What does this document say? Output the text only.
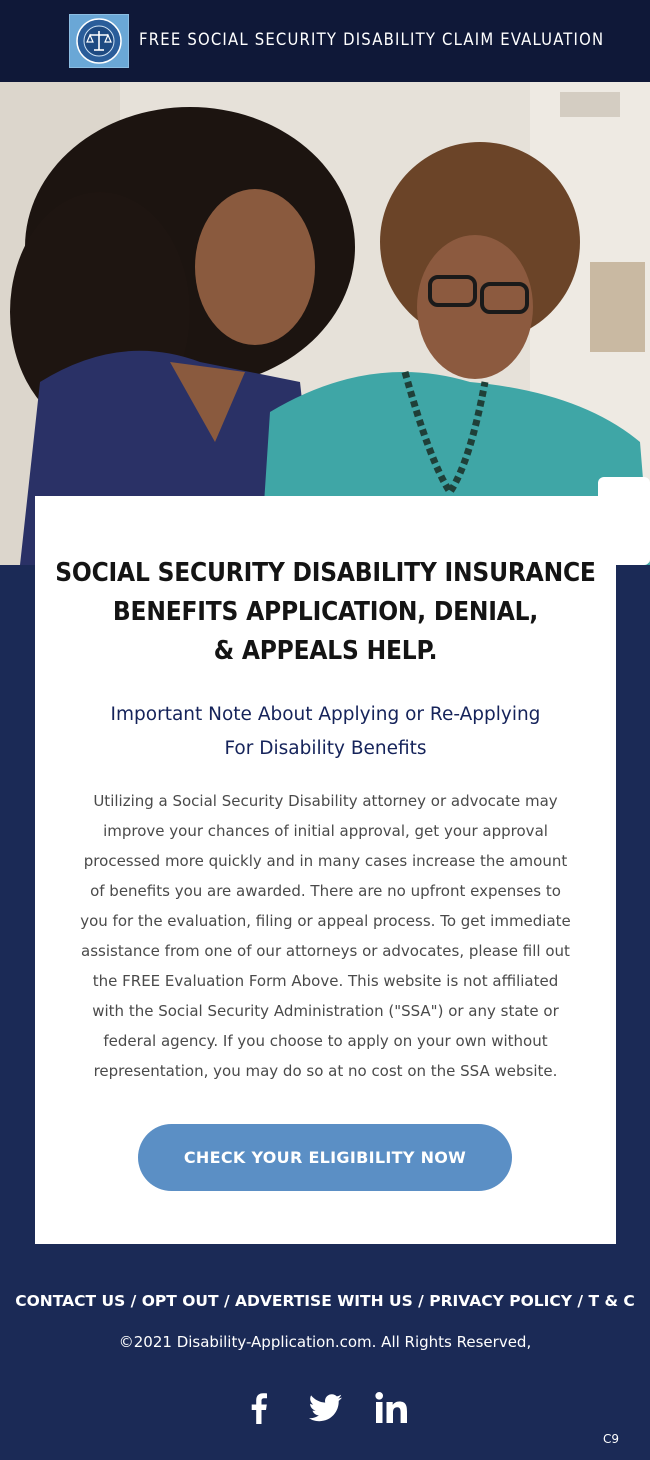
FREE SOCIAL SECURITY DISABILITY CLAIM EVALUATION
SOCIAL SECURITY DISABILITY INSURANCE
BENEFITS APPLICATION, DENIAL,
& APPEALS HELP.
Important Note About Applying or Re-Applying
For Disability Benefits
Utilizing a Social Security Disability attorney or advocate may
improve your chances of initial approval, get your approval
processed more quickly and in many cases increase the amount
of benefits you are awarded. There are no upfront expenses to
you for the evaluation, filing or appeal process. To get immediate
assistance from one of our attorneys or advocates, please fill out
the FREE Evaluation Form Above. This website is not affiliated
with the Social Security Administration ("SSA") or any state or
federal agency. If you choose to apply on your own without
representation, you may do so at no cost on the SSA website.
CHECK YOUR ELIGIBILITY NOW
CONTACT US / OPT OUT / ADVERTISE WITH US / PRIVACY POLICY / T & C
©2021 Disability-Application.com. All Rights Reserved,
C9
